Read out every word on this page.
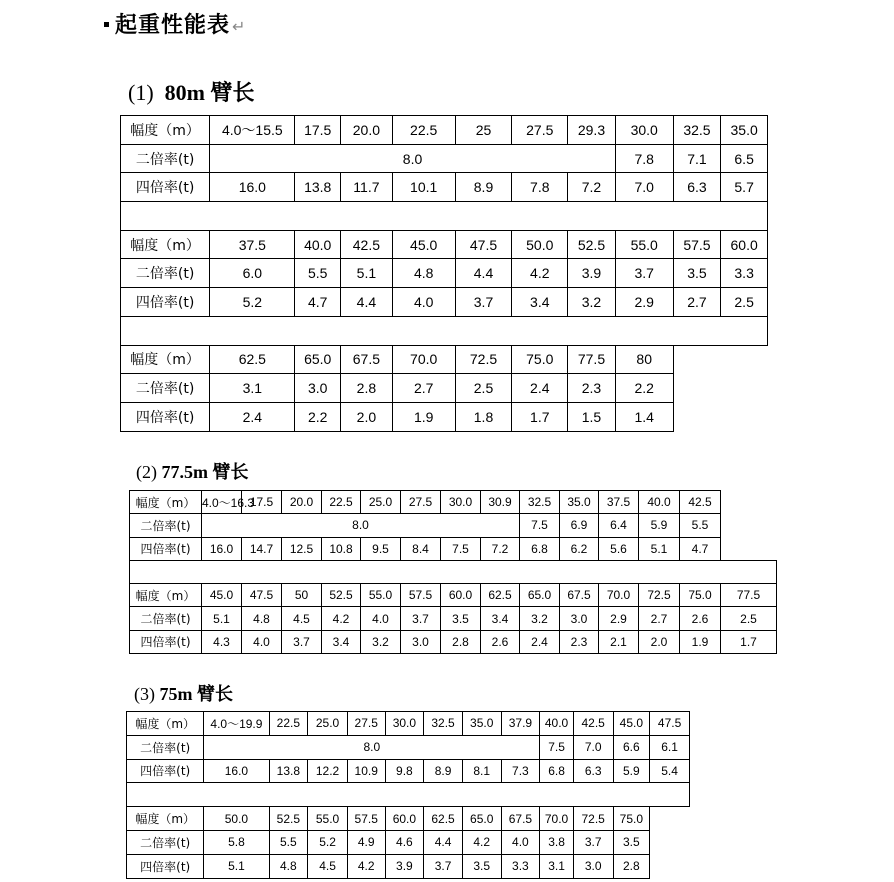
起重性能表 ↵
(1) 80m 臂长
幅度（m）	4.0～15.5	17.5	20.0	22.5	25	27.5	29.3	30.0	32.5	35.0
二倍率(t)	8.0							7.8	7.1	6.5
四倍率(t)	16.0	13.8	11.7	10.1	8.9	7.8	7.2	7.0	6.3	5.7

幅度（m）	37.5	40.0	42.5	45.0	47.5	50.0	52.5	55.0	57.5	60.0
二倍率(t)	6.0	5.5	5.1	4.8	4.4	4.2	3.9	3.7	3.5	3.3
四倍率(t)	5.2	4.7	4.4	4.0	3.7	3.4	3.2	2.9	2.7	2.5

幅度（m）	62.5	65.0	67.5	70.0	72.5	75.0	77.5	80		
二倍率(t)	3.1	3.0	2.8	2.7	2.5	2.4	2.3	2.2		
四倍率(t)	2.4	2.2	2.0	1.9	1.8	1.7	1.5	1.4		
(2) 77.5m 臂长
幅度（m）	4.0～16.3	17.5	20.0	22.5	25.0	27.5	30.0	30.9	32.5	35.0	37.5	40.0	42.5	
二倍率(t)	8.0								7.5	6.9	6.4	5.9	5.5	
四倍率(t)	16.0	14.7	12.5	10.8	9.5	8.4	7.5	7.2	6.8	6.2	5.6	5.1	4.7	

幅度（m）	45.0	47.5	50	52.5	55.0	57.5	60.0	62.5	65.0	67.5	70.0	72.5	75.0	77.5
二倍率(t)	5.1	4.8	4.5	4.2	4.0	3.7	3.5	3.4	3.2	3.0	2.9	2.7	2.6	2.5
四倍率(t)	4.3	4.0	3.7	3.4	3.2	3.0	2.8	2.6	2.4	2.3	2.1	2.0	1.9	1.7
(3) 75m 臂长
幅度（m）	4.0～19.9	22.5	25.0	27.5	30.0	32.5	35.0	37.9	40.0	42.5	45.0	47.5
二倍率(t)	8.0								7.5	7.0	6.6	6.1
四倍率(t)	16.0	13.8	12.2	10.9	9.8	8.9	8.1	7.3	6.8	6.3	5.9	5.4

幅度（m）	50.0	52.5	55.0	57.5	60.0	62.5	65.0	67.5	70.0	72.5	75.0	
二倍率(t)	5.8	5.5	5.2	4.9	4.6	4.4	4.2	4.0	3.8	3.7	3.5	
四倍率(t)	5.1	4.8	4.5	4.2	3.9	3.7	3.5	3.3	3.1	3.0	2.8	
